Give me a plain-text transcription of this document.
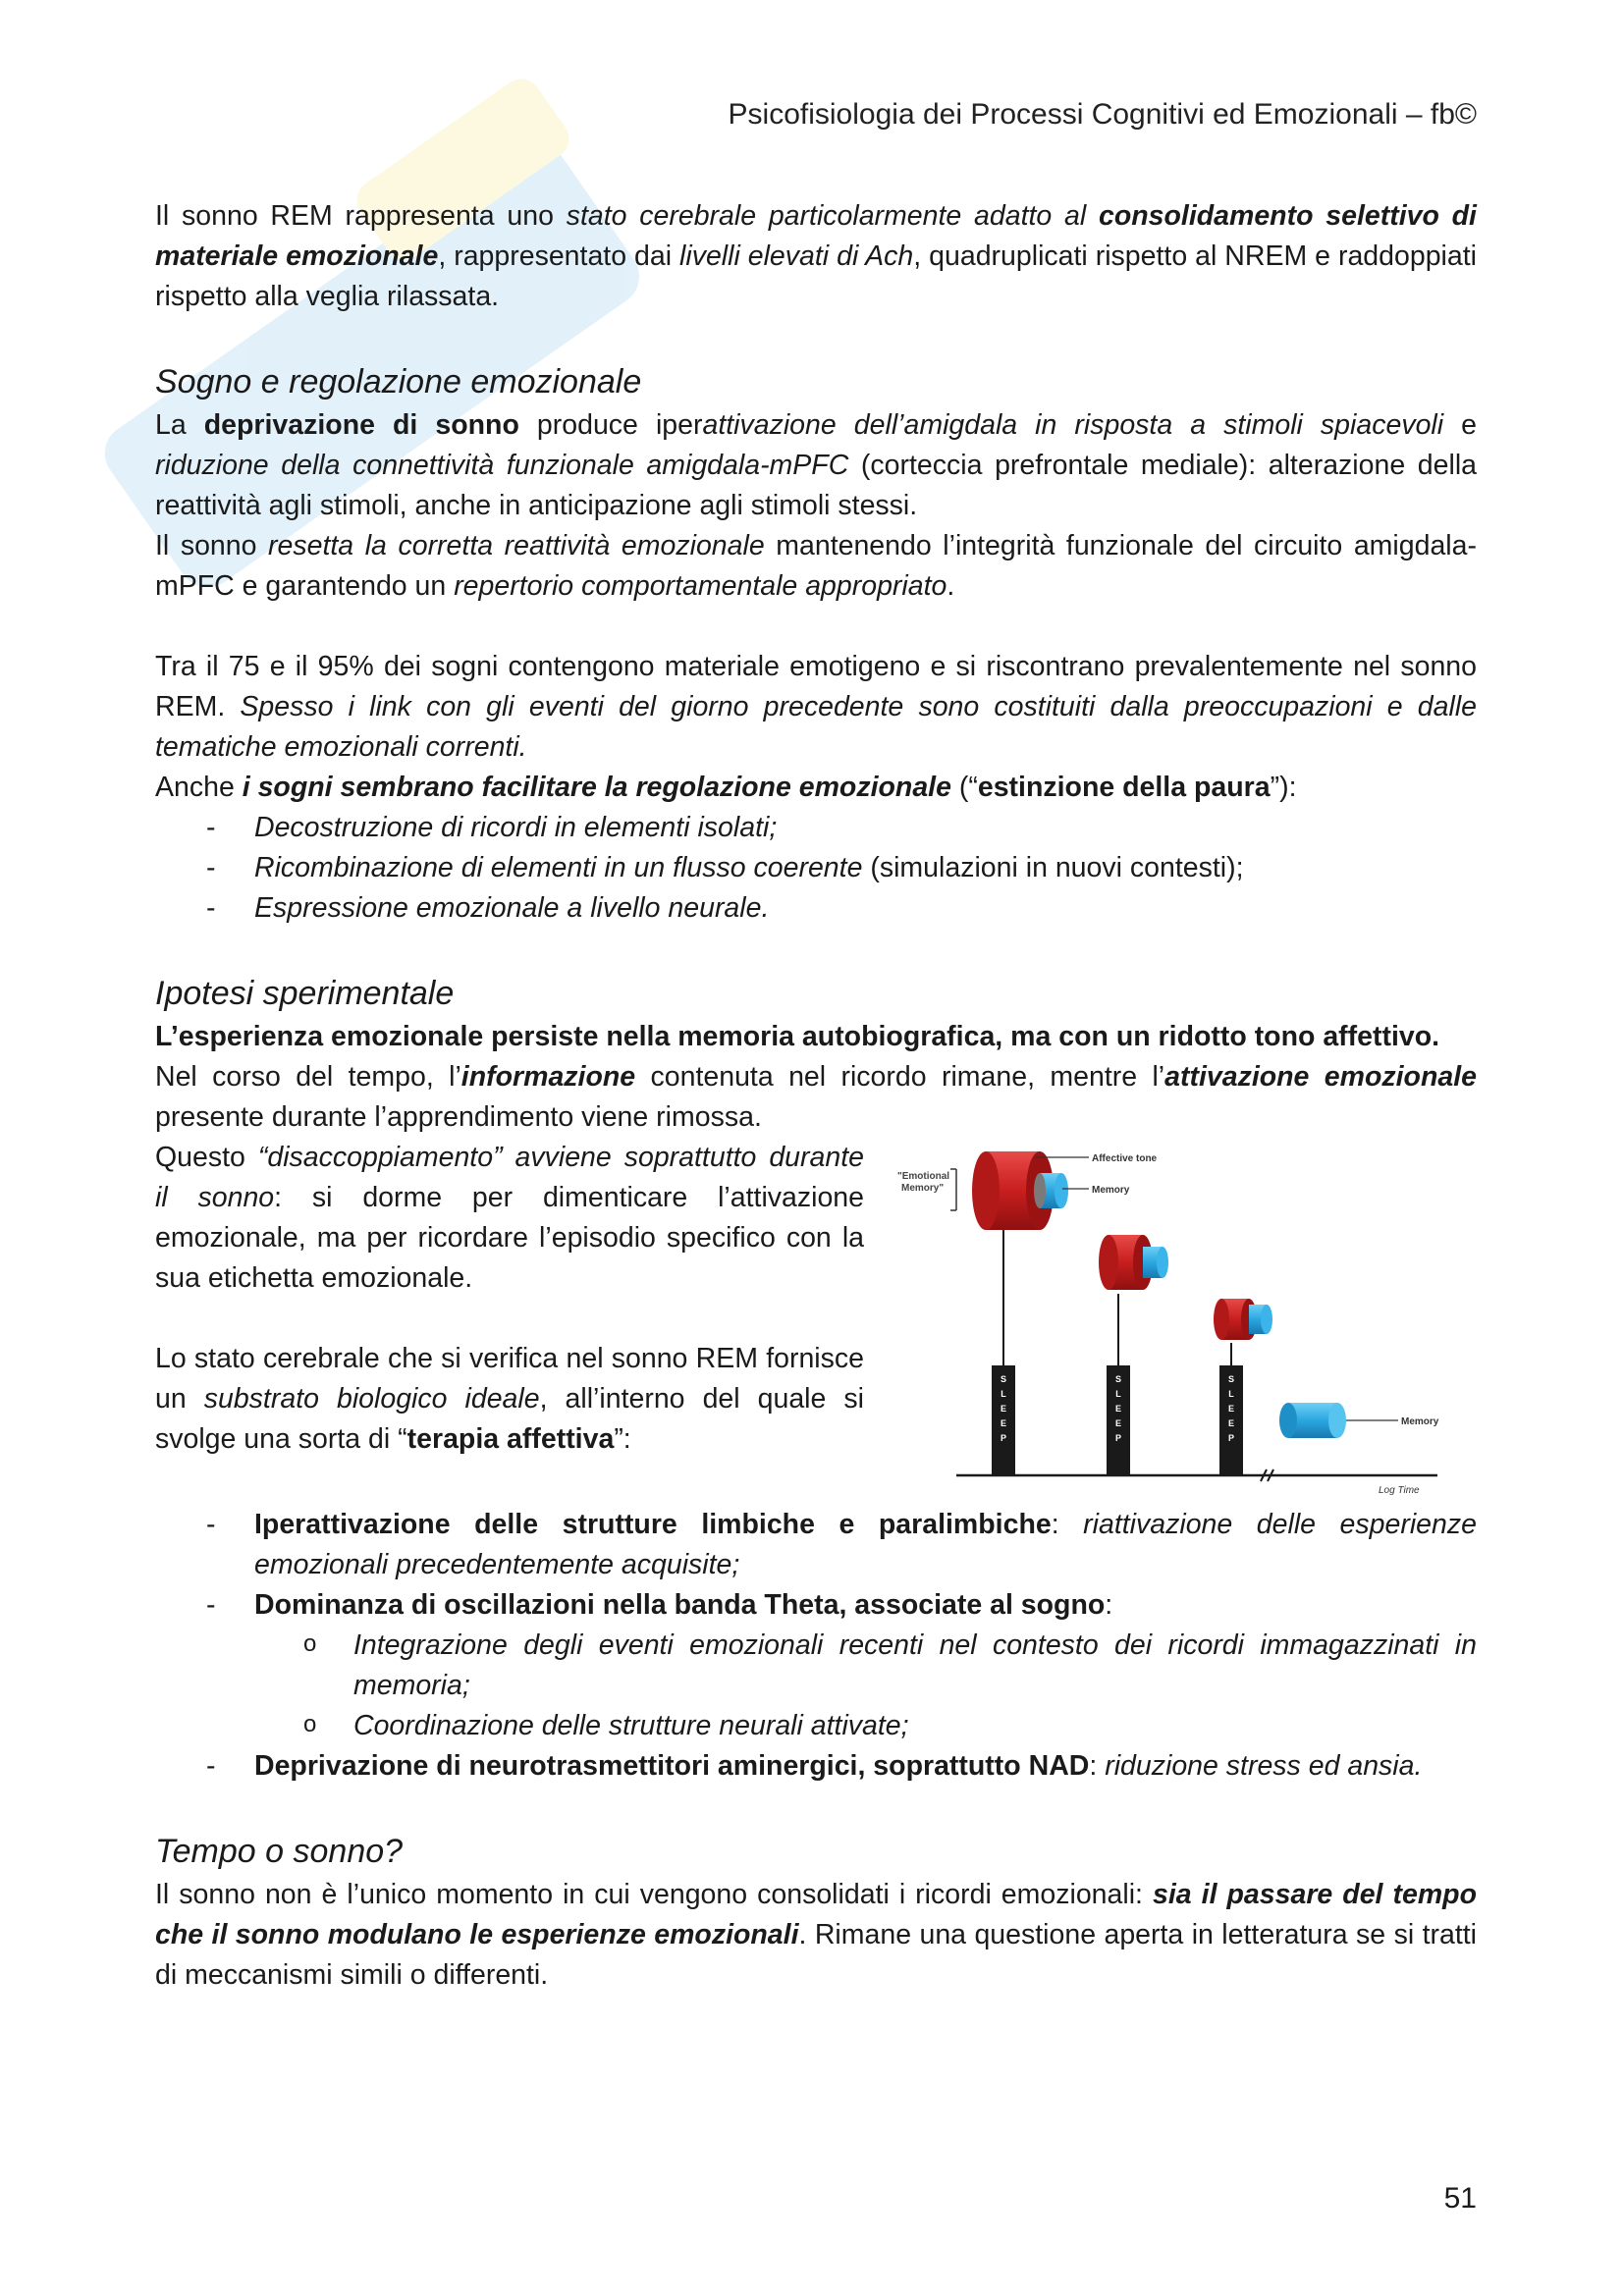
Psicofisiologia dei Processi Cognitivi ed Emozionali – fb©

Il sonno REM rappresenta uno stato cerebrale particolarmente adatto al consolidamento selettivo di materiale emozionale, rappresentato dai livelli elevati di Ach, quadruplicati rispetto al NREM e raddoppiati rispetto alla veglia rilassata.

Sogno e regolazione emozionale

La deprivazione di sonno produce iperattivazione dell’amigdala in risposta a stimoli spiacevoli e riduzione della connettività funzionale amigdala-mPFC (corteccia prefrontale mediale): alterazione della reattività agli stimoli, anche in anticipazione agli stimoli stessi.

Il sonno resetta la corretta reattività emozionale mantenendo l’integrità funzionale del circuito amigdala-mPFC e garantendo un repertorio comportamentale appropriato.

Tra il 75 e il 95% dei sogni contengono materiale emotigeno e si riscontrano prevalentemente nel sonno REM. Spesso i link con gli eventi del giorno precedente sono costituiti dalla preoccupazioni e dalle tematiche emozionali correnti.

Anche i sogni sembrano facilitare la regolazione emozionale (“estinzione della paura”):

- Decostruzione di ricordi in elementi isolati;
- Ricombinazione di elementi in un flusso coerente (simulazioni in nuovi contesti);
- Espressione emozionale a livello neurale.
Ipotesi sperimentale

L’esperienza emozionale persiste nella memoria autobiografica, ma con un ridotto tono affettivo.

Nel corso del tempo, l’informazione contenuta nel ricordo rimane, mentre l’attivazione emozionale presente durante l’apprendimento viene rimossa.

Log Time
S
L
E
E
P
S
L
E
E
P
S
L
E
E
P
"Emotional
Memory"
Affective tone
Memory
Memory

Questo “disaccoppiamento” avviene soprattutto durante il sonno: si dorme per dimenticare l’attivazione emozionale, ma per ricordare l’episodio specifico con la sua etichetta emozionale.

Lo stato cerebrale che si verifica nel sonno REM fornisce un substrato biologico ideale, all’interno del quale si svolge una sorta di “terapia affettiva”:

- Iperattivazione delle strutture limbiche e paralimbiche: riattivazione delle esperienze emozionali precedentemente acquisite;
- Dominanza di oscillazioni nella banda Theta, associate al sogno:
o Integrazione degli eventi emozionali recenti nel contesto dei ricordi immagazzinati in memoria;
o Coordinazione delle strutture neurali attivate;
- Deprivazione di neurotrasmettitori aminergici, soprattutto NAD: riduzione stress ed ansia.
Tempo o sonno?

Il sonno non è l’unico momento in cui vengono consolidati i ricordi emozionali: sia il passare del tempo che il sonno modulano le esperienze emozionali. Rimane una questione aperta in letteratura se si tratti di meccanismi simili o differenti.

51
